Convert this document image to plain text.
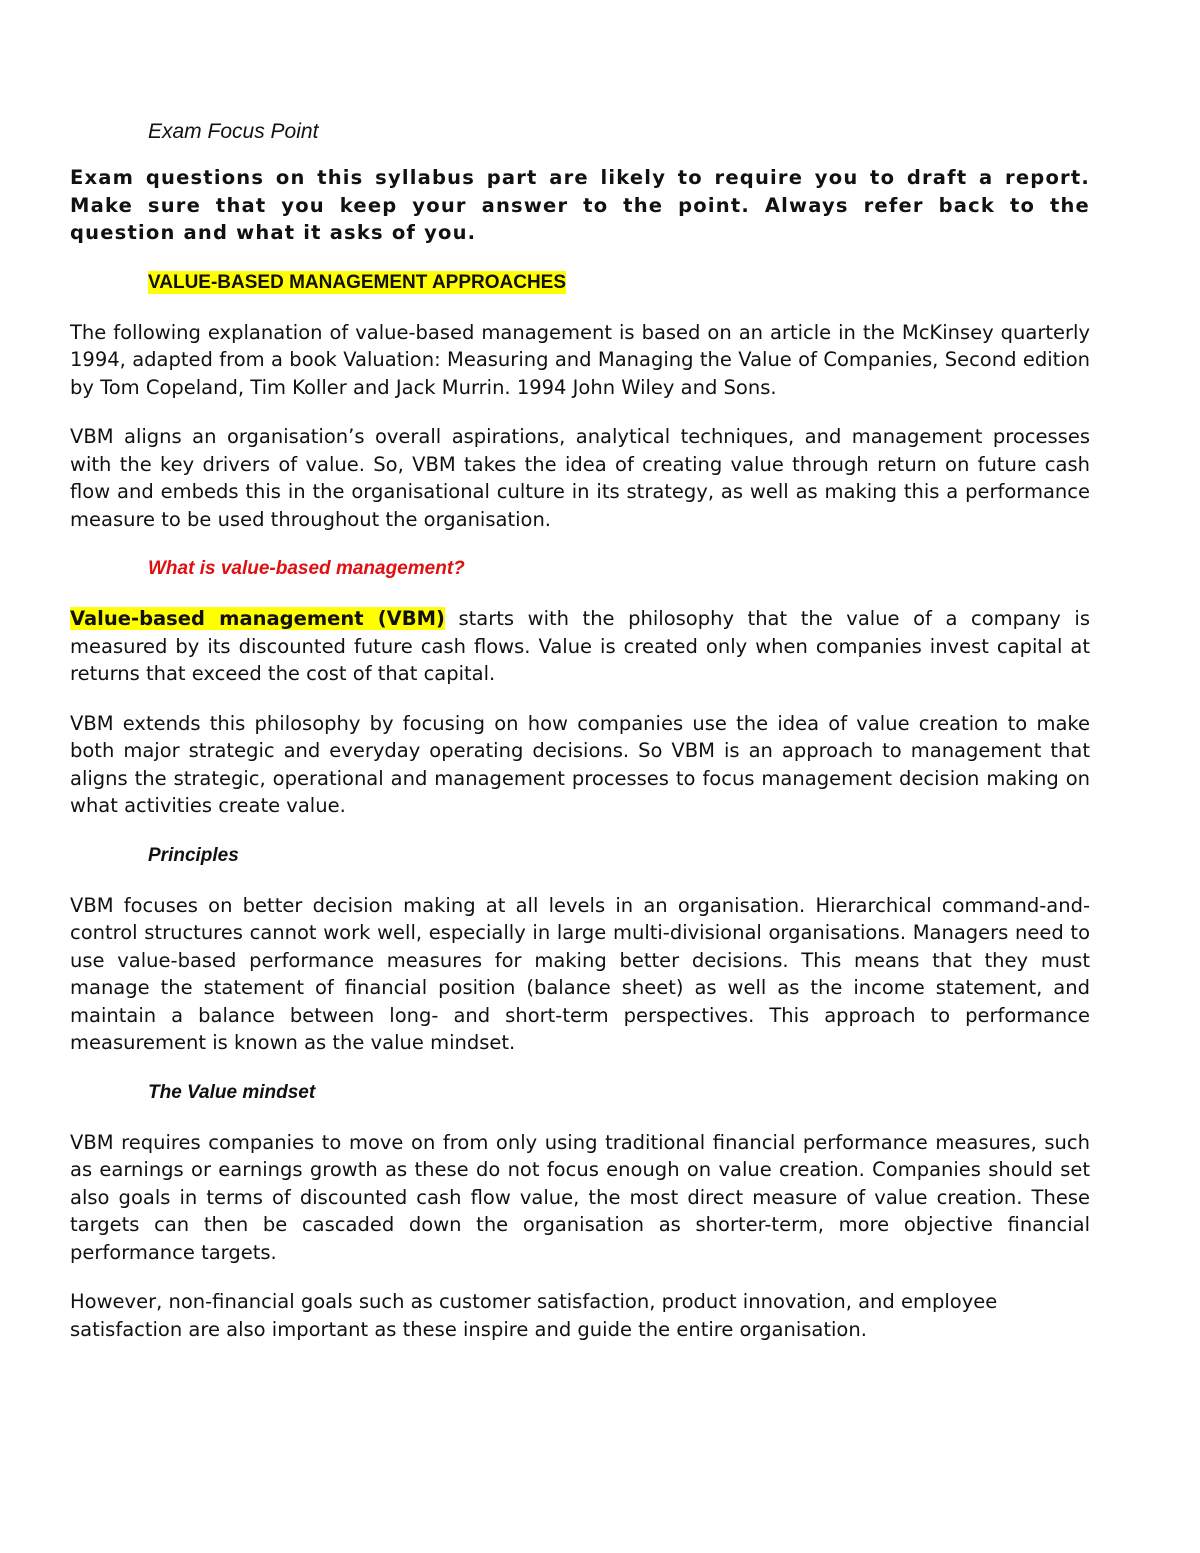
Exam Focus Point

Exam questions on this syllabus part are likely to require you to draft a report. Make sure that you keep your answer to the point. Always refer back to the question and what it asks of you.

VALUE-BASED MANAGEMENT APPROACHES

The following explanation of value-based management is based on an article in the McKinsey quarterly 1994, adapted from a book Valuation: Measuring and Managing the Value of Companies, Second edition by Tom Copeland, Tim Koller and Jack Murrin. 1994 John Wiley and Sons.

VBM aligns an organisation’s overall aspirations, analytical techniques, and management processes with the key drivers of value. So, VBM takes the idea of creating value through return on future cash flow and embeds this in the organisational culture in its strategy, as well as making this a performance measure to be used throughout the organisation.

What is value-based management?

Value-based management (VBM) starts with the philosophy that the value of a company is measured by its discounted future cash flows. Value is created only when companies invest capital at returns that exceed the cost of that capital.

VBM extends this philosophy by focusing on how companies use the idea of value creation to make both major strategic and everyday operating decisions. So VBM is an approach to management that aligns the strategic, operational and management processes to focus management decision making on what activities create value.

Principles

VBM focuses on better decision making at all levels in an organisation. Hierarchical command-and- control structures cannot work well, especially in large multi-divisional organisations. Managers need to use value-based performance measures for making better decisions. This means that they must manage the statement of financial position (balance sheet) as well as the income statement, and maintain a balance between long- and short-term perspectives. This approach to performance measurement is known as the value mindset.

The Value mindset

VBM requires companies to move on from only using traditional financial performance measures, such as earnings or earnings growth as these do not focus enough on value creation. Companies should set also goals in terms of discounted cash flow value, the most direct measure of value creation. These targets can then be cascaded down the organisation as shorter-term, more objective financial performance targets.

However, non-financial goals such as customer satisfaction, product innovation, and employee satisfaction are also important as these inspire and guide the entire organisation.
